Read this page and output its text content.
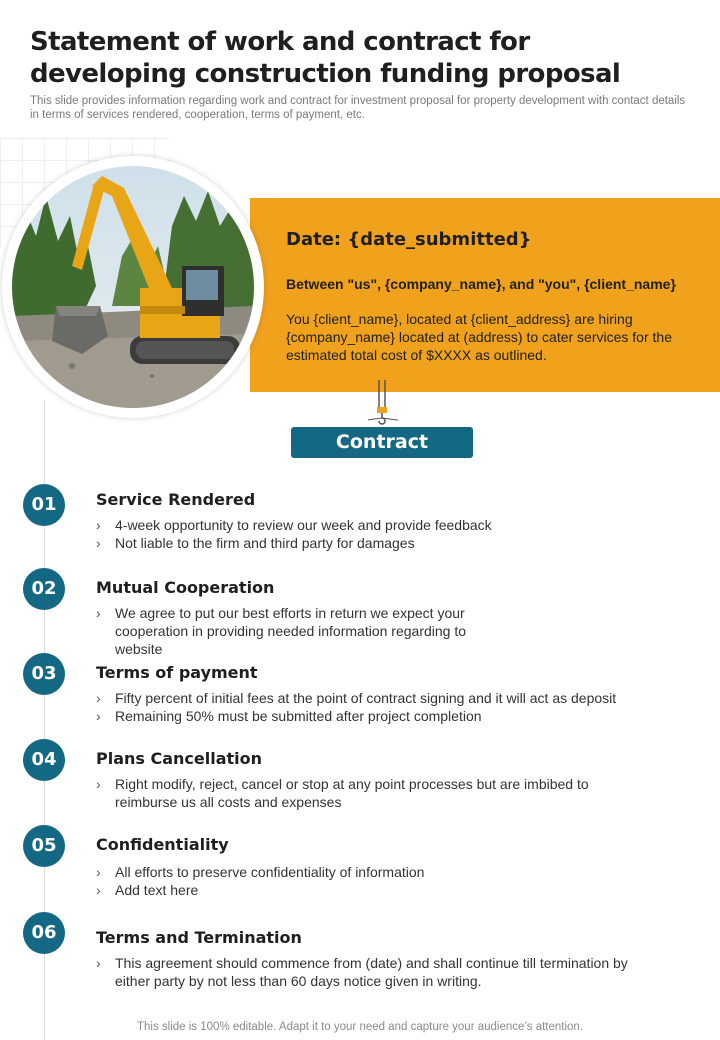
Statement of work and contract for developing construction funding proposal
This slide provides information regarding work and contract for investment proposal for property development with contact details in terms of services rendered, cooperation, terms of payment, etc.
Date: {date_submitted}
Between "us", {company_name}, and "you", {client_name}
You {client_name}, located at {client_address} are hiring {company_name} located at (address) to cater services for the estimated total cost of $XXXX as outlined.
Contract
01	Service Rendered
› 4-week opportunity to review our week and provide feedback
› Not liable to the firm and third party for damages
02	Mutual Cooperation
› We agree to put our best efforts in return we expect your cooperation in providing needed information regarding to website
03	Terms of payment
› Fifty percent of initial fees at the point of contract signing and it will act as deposit
› Remaining 50% must be submitted after project completion
04	Plans Cancellation
› Right modify, reject, cancel or stop at any point processes but are imbibed to reimburse us all costs and expenses
05	Confidentiality
› All efforts to preserve confidentiality of information
› Add text here
06	Terms and Termination
› This agreement should commence from (date) and shall continue till termination by either party by not less than 60 days notice given in writing.
This slide is 100% editable. Adapt it to your need and capture your audience’s attention.
